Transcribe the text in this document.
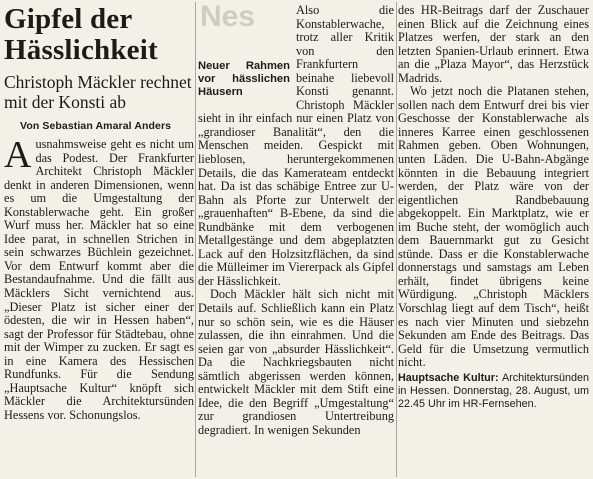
Nes
Gipfel der Hässlichkeit
Christoph Mäckler rechnet mit der Konsti ab
Von Sebastian Amaral Anders

Ausnahmsweise geht es nicht um das Podest. Der Frankfurter Architekt Christoph Mäckler denkt in anderen Dimensionen, wenn es um die Umgestaltung der Konstablerwache geht. Ein großer Wurf muss her. Mäckler hat so eine Idee parat, in schnellen Strichen in sein schwarzes Büchlein gezeichnet. Vor dem Entwurf kommt aber die Bestandaufnahme. Und die fällt aus Mäcklers Sicht vernichtend aus. „Dieser Platz ist sicher einer der ödesten, die wir in Hessen haben“, sagt der Professor für Städtebau, ohne mit der Wimper zu zucken. Er sagt es in eine Kamera des Hessischen Rundfunks. Für die Sendung „Hauptsache Kultur“ knöpft sich Mäckler die Architektursünden Hessens vor. Schonungslos.

Neuer Rahmen vor hässlichen Häusern
Also die Konstablerwache, trotz aller Kritik von den Frankfurtern beinahe liebevoll Konsti genannt. Christoph Mäckler sieht in ihr einfach nur einen Platz von „grandioser Banalität“, den die Menschen meiden. Gespickt mit lieblosen, heruntergekommenen Details, die das Kamerateam entdeckt hat. Da ist das schäbige Entree zur U-Bahn als Pforte zur Unterwelt der „grauenhaften“ B-Ebene, da sind die Rundbänke mit dem verbogenen Metallgestänge und dem abgeplatzten Lack auf den Holzsitzflächen, da sind die Mülleimer im Viererpack als Gipfel der Hässlichkeit.

Doch Mäckler hält sich nicht mit Details auf. Schließlich kann ein Platz nur so schön sein, wie es die Häuser zulassen, die ihn einrahmen. Und die seien gar von „absurder Hässlichkeit“. Da die Nachkriegsbauten nicht sämtlich abgerissen werden können, entwickelt Mäckler mit dem Stift eine Idee, die den Begriff „Umgestaltung“ zur grandiosen Untertreibung degradiert. In wenigen Sekunden

des HR-Beitrags darf der Zuschauer einen Blick auf die Zeichnung eines Platzes werfen, der stark an den letzten Spanien-Urlaub erinnert. Etwa an die „Plaza Mayor“, das Herzstück Madrids.

Wo jetzt noch die Platanen stehen, sollen nach dem Entwurf drei bis vier Geschosse der Konstablerwache als inneres Karree einen geschlossenen Rahmen geben. Oben Wohnungen, unten Läden. Die U-Bahn-Abgänge könnten in die Bebauung integriert werden, der Platz wäre von der eigentlichen Randbebauung abgekoppelt. Ein Marktplatz, wie er im Buche steht, der womöglich auch dem Bauernmarkt gut zu Gesicht stünde. Dass er die Konstablerwache donnerstags und samstags am Leben erhält, findet übrigens keine Würdigung. „Christoph Mäcklers Vorschlag liegt auf dem Tisch“, heißt es nach vier Minuten und siebzehn Sekunden am Ende des Beitrags. Das Geld für die Umsetzung vermutlich nicht.

Hauptsache Kultur: Architektursünden in Hessen. Donnerstag, 28. August, um 22.45 Uhr im HR-Fernsehen.
